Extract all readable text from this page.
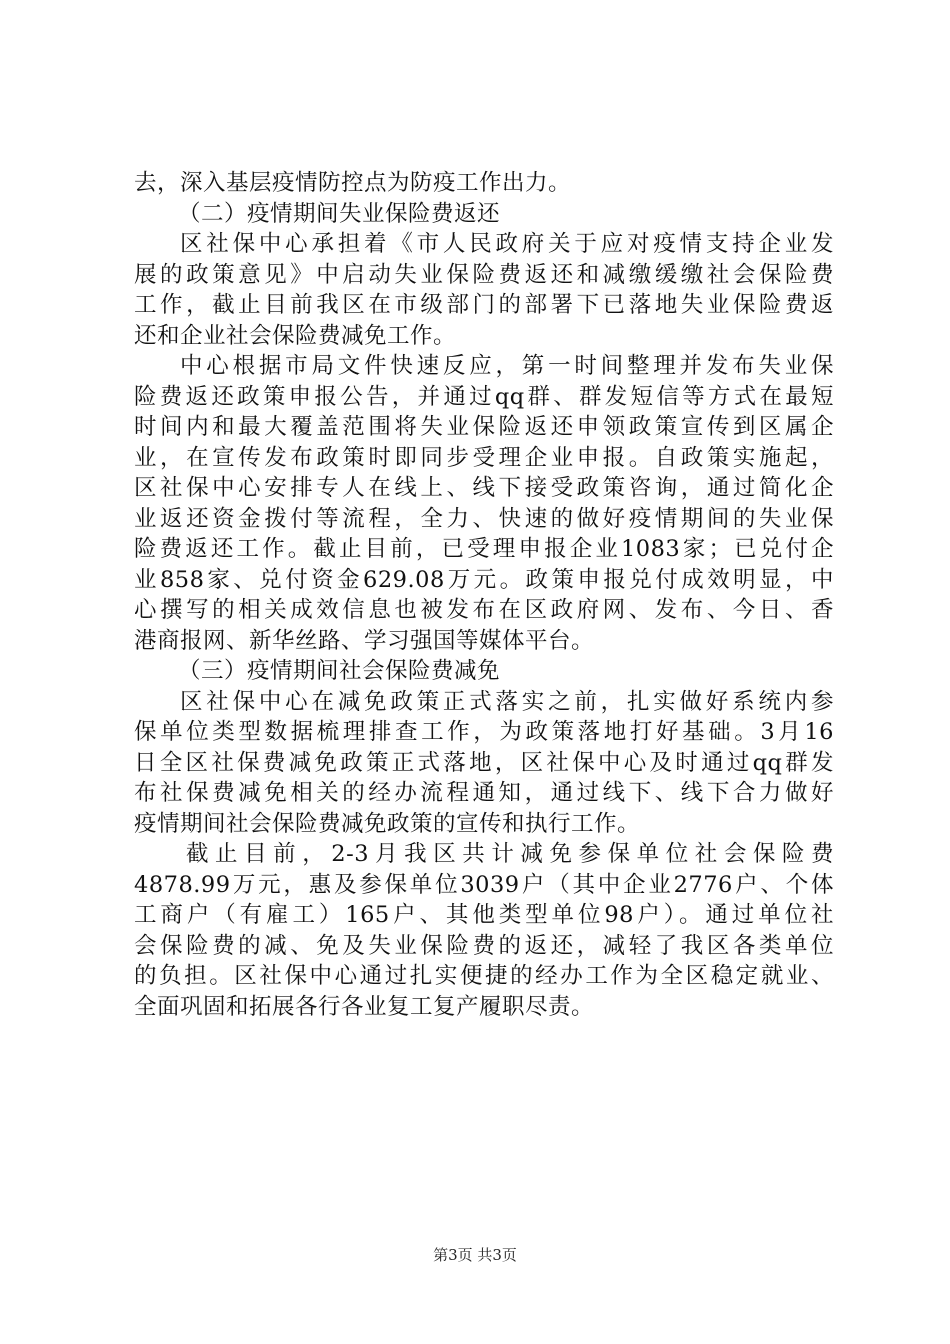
去，深入基层疫情防控点为防疫工作出力。
（二）疫情期间失业保险费返还
区社保中心承担着《市人民政府关于应对疫情支持企业发
展的政策意见》中启动失业保险费返还和减缴缓缴社会保险费
工作，截止目前我区在市级部门的部署下已落地失业保险费返
还和企业社会保险费减免工作。
中心根据市局文件快速反应，第一时间整理并发布失业保
险费返还政策申报公告，并通过qq群、群发短信等方式在最短
时间内和最大覆盖范围将失业保险返还申领政策宣传到区属企
业，在宣传发布政策时即同步受理企业申报。自政策实施起，
区社保中心安排专人在线上、线下接受政策咨询，通过简化企
业返还资金拨付等流程，全力、快速的做好疫情期间的失业保
险费返还工作。截止目前，已受理申报企业1083家；已兑付企
业858家、兑付资金629.08万元。政策申报兑付成效明显，中
心撰写的相关成效信息也被发布在区政府网、发布、今日、香
港商报网、新华丝路、学习强国等媒体平台。
（三）疫情期间社会保险费减免
区社保中心在减免政策正式落实之前，扎实做好系统内参
保单位类型数据梳理排查工作，为政策落地打好基础。3月16
日全区社保费减免政策正式落地，区社保中心及时通过qq群发
布社保费减免相关的经办流程通知，通过线下、线下合力做好
疫情期间社会保险费减免政策的宣传和执行工作。
截止目前，2-3月我区共计减免参保单位社会保险费
4878.99万元，惠及参保单位3039户（其中企业2776户、个体
工商户（有雇工）165户、其他类型单位98户）。通过单位社
会保险费的减、免及失业保险费的返还，减轻了我区各类单位
的负担。区社保中心通过扎实便捷的经办工作为全区稳定就业、
全面巩固和拓展各行各业复工复产履职尽责。
第3页 共3页
